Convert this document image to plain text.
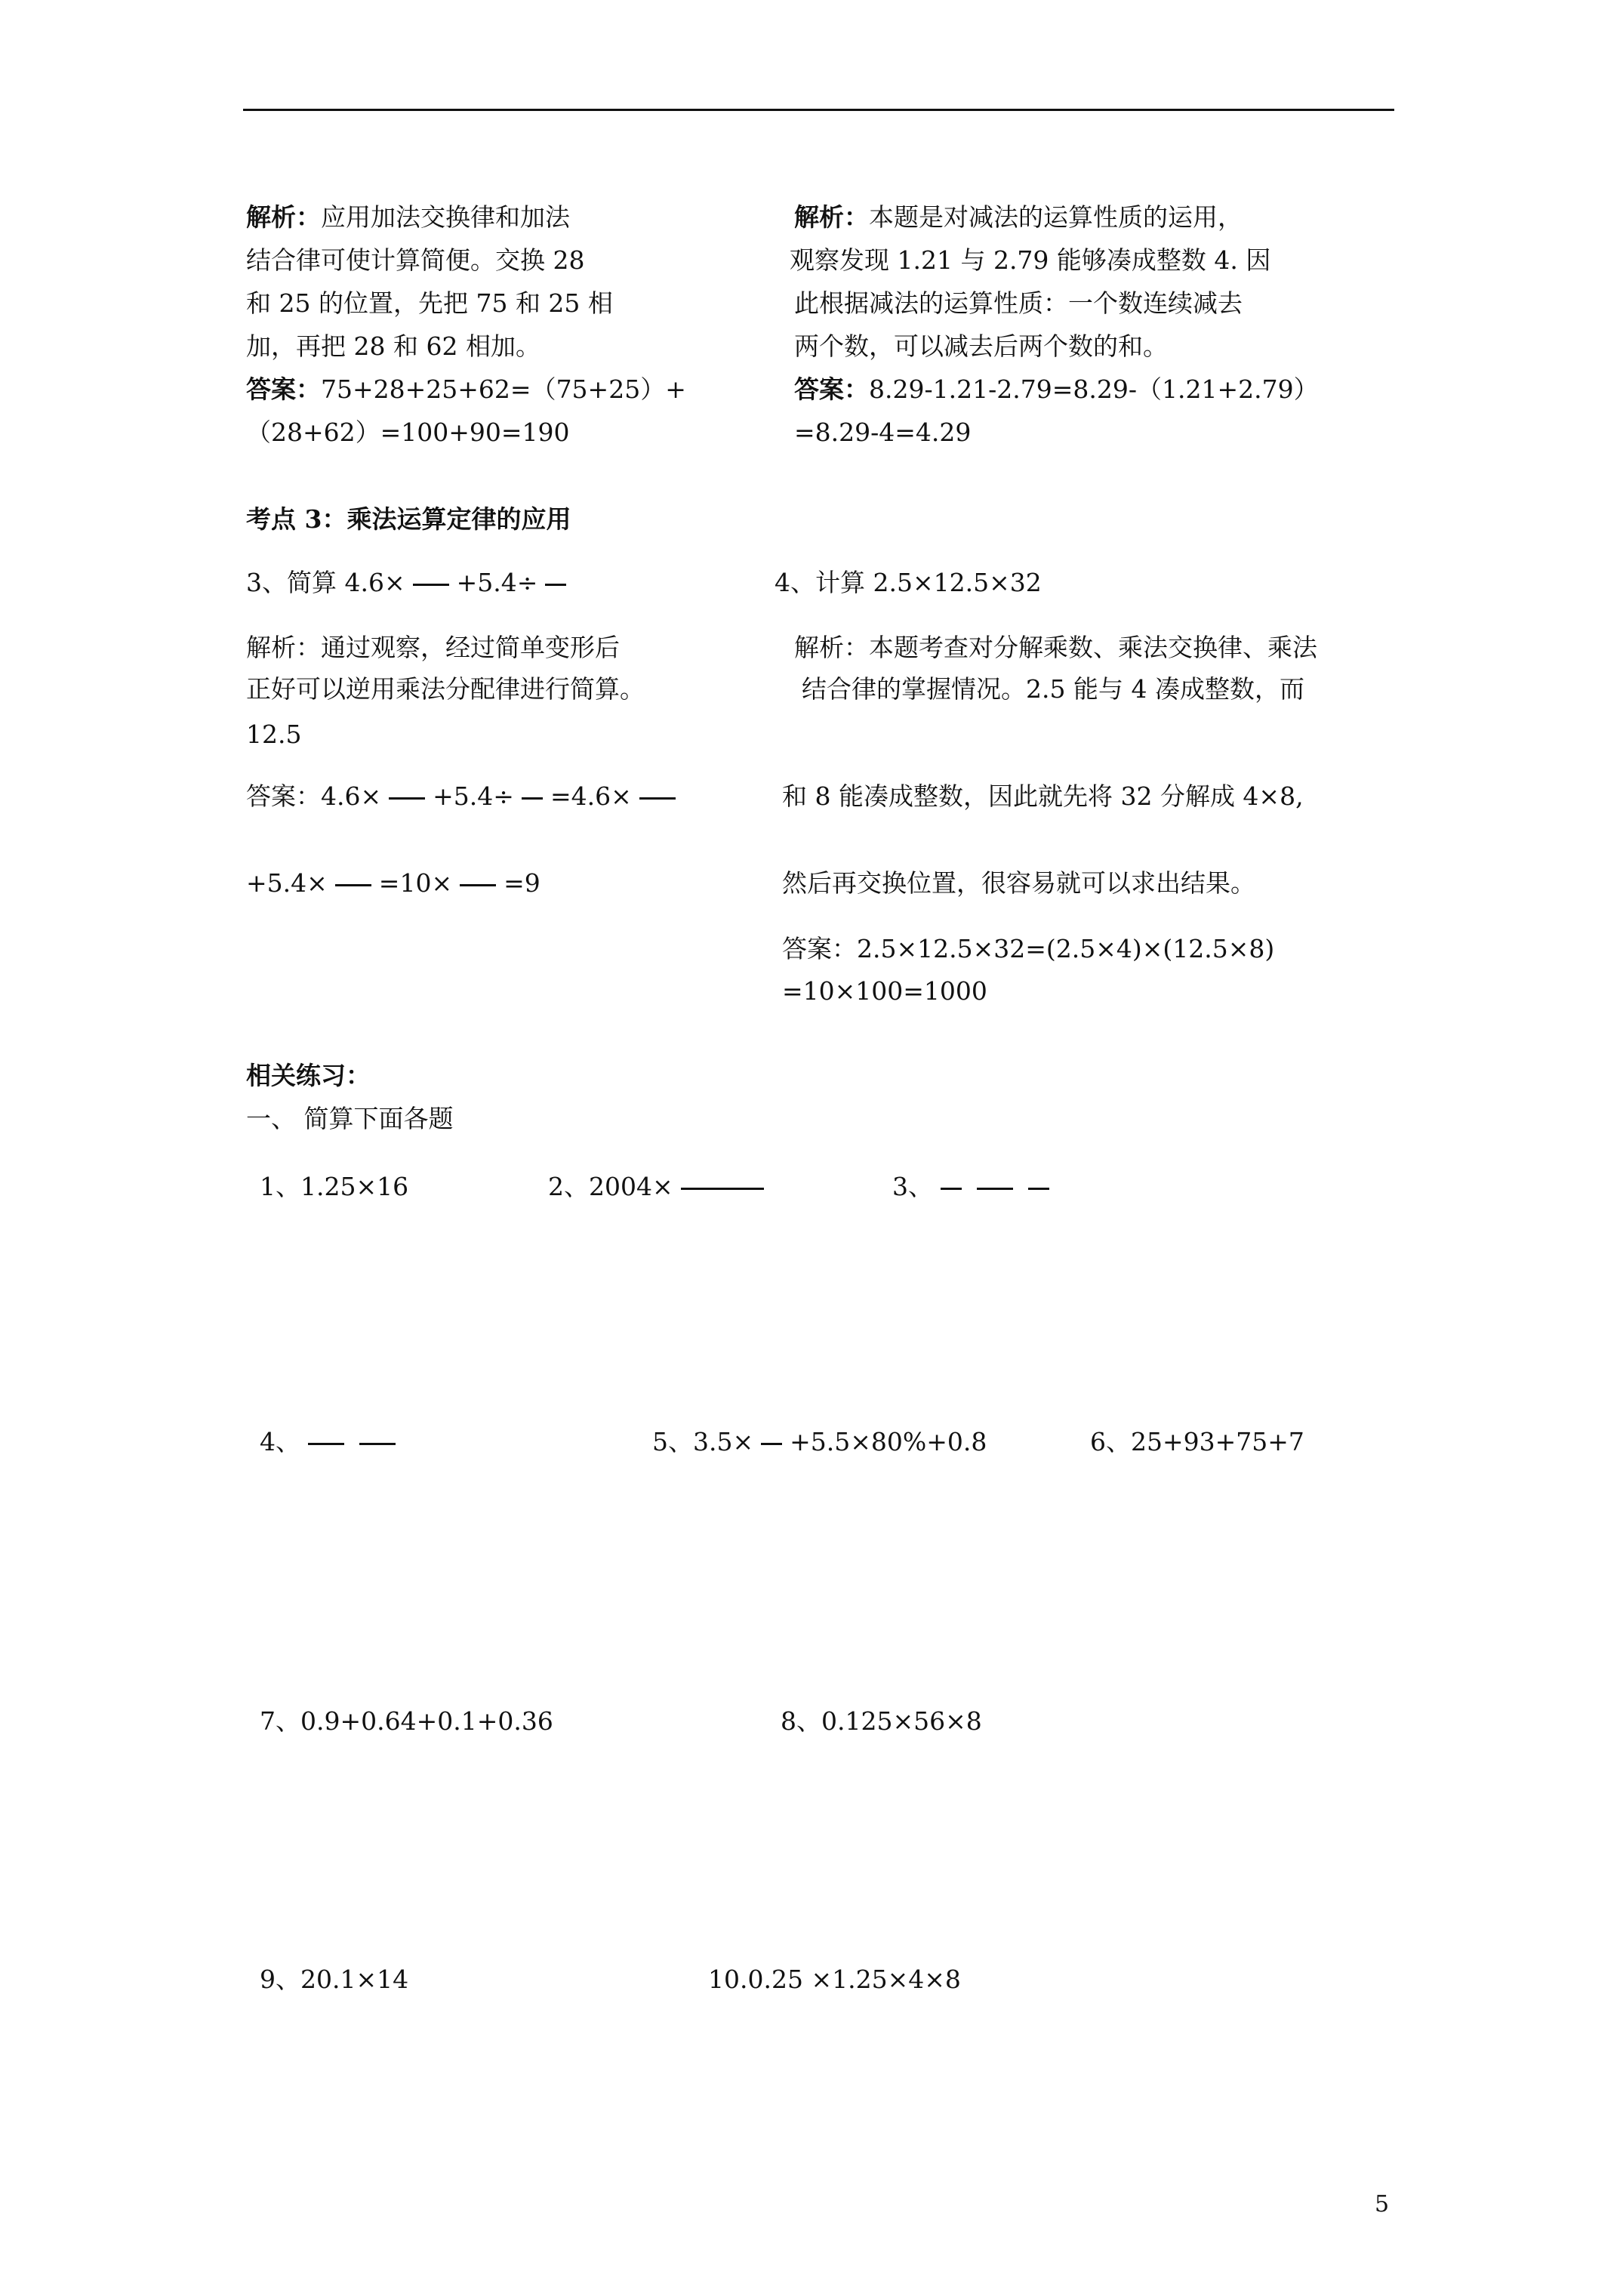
解析：应用加法交换律和加法
结合律可使计算简便。交换 28
和 25 的位置，先把 75 和 25 相
加，再把 28 和 62 相加。
答案：75+28+25+62=（75+25）+
（28+62）=100+90=190
解析：本题是对减法的运算性质的运用，
观察发现 1.21 与 2.79 能够凑成整数 4. 因
此根据减法的运算性质：一个数连续减去
两个数，可以减去后两个数的和。
答案：8.29-1.21-2.79=8.29-（1.21+2.79）
=8.29-4=4.29
考点 3：乘法运算定律的应用
3、简算 4.6× +5.4÷	4、计算 2.5×12.5×32
解析：通过观察，经过简单变形后
正好可以逆用乘法分配律进行简算。
12.5
解析：本题考查对分解乘数、乘法交换律、乘法
结合律的掌握情况。2.5 能与 4 凑成整数，而
答案：4.6× +5.4÷ =4.6×	和 8 能凑成整数，因此就先将 32 分解成 4×8,
+5.4× =10× =9	然后再交换位置，很容易就可以求出结果。
答案：2.5×12.5×32=(2.5×4)×(12.5×8)
=10×100=1000
相关练习：
一、 简算下面各题
1、1.25×16	2、2004×	3、
4、	5、3.5× +5.5×80%+0.8	6、25+93+75+7
7、0.9+0.64+0.1+0.36	8、0.125×56×8
9、20.1×14	10.0.25 ×1.25×4×8
5
